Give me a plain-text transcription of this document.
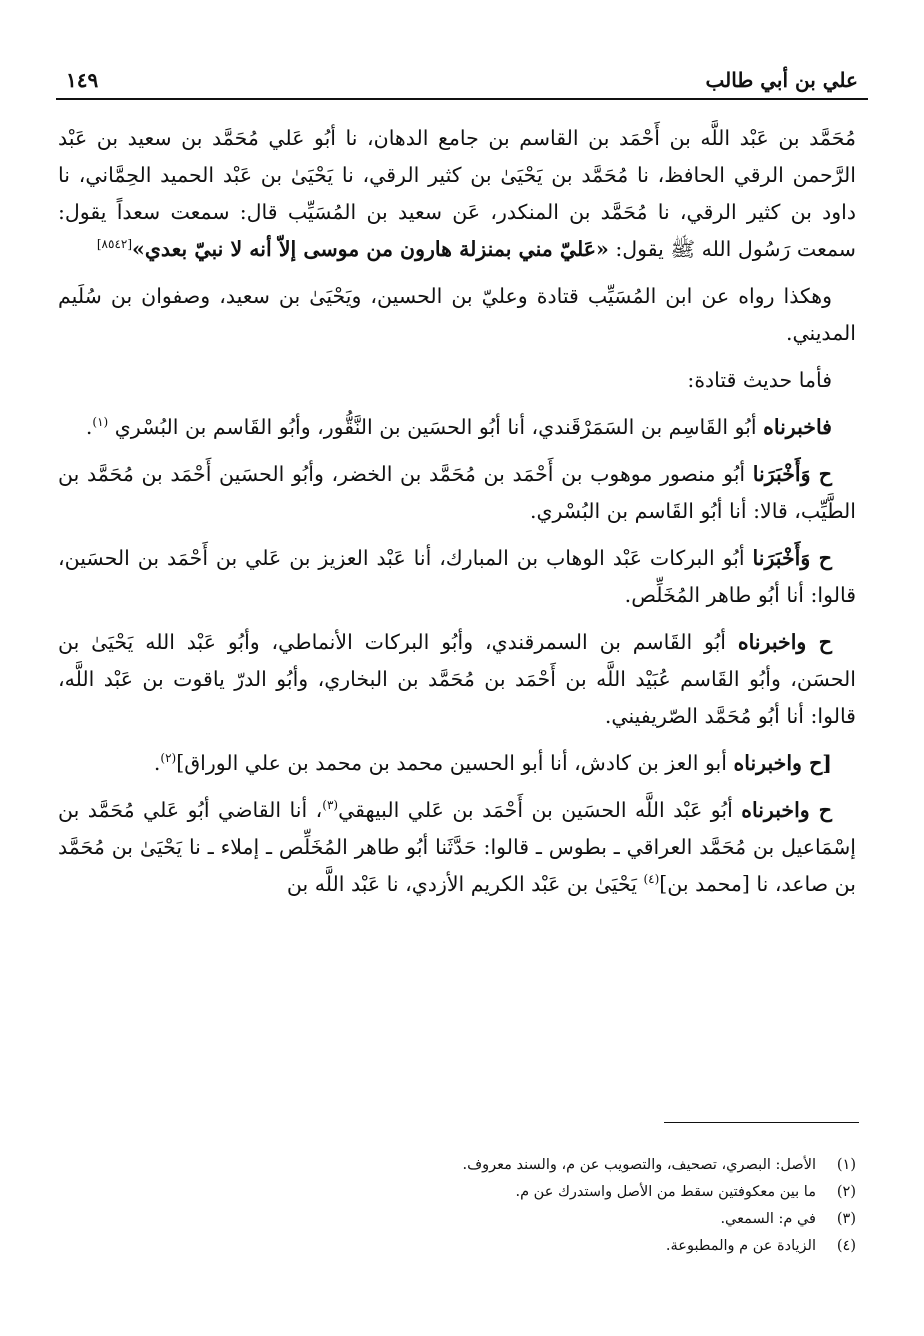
علي بن أبي طالب
١٤٩

مُحَمَّد بن عَبْد اللَّه بن أَحْمَد بن القاسم بن جامع الدهان، نا أبُو عَلي مُحَمَّد بن سعيد بن عَبْد الرَّحمن الرقي الحافظ، نا مُحَمَّد بن يَحْيَىٰ بن كثير الرقي، نا يَحْيَىٰ بن عَبْد الحميد الحِمَّاني، نا داود بن كثير الرقي، نا مُحَمَّد بن المنكدر، عَن سعيد بن المُسَيِّب قال: سمعت سعداً يقول: سمعت رَسُول الله ﷺ يقول: «عَليّ مني بمنزلة هارون من موسى إلاّ أنه لا نبيّ بعدي»[٨٥٤٢]

وهكذا رواه عن ابن المُسَيِّب قتادة وعليّ بن الحسين، ويَحْيَىٰ بن سعيد، وصفوان بن سُلَيم المديني.

فأما حديث قتادة:

فاخبرناه أبُو القَاسِم بن السَمَرْقَندي، أنا أبُو الحسَين بن النَّقُّور، وأبُو القَاسم بن البُسْري $^{(١)}$.

ح وَأَخْبَرَنا أبُو منصور موهوب بن أَحْمَد بن مُحَمَّد بن الخضر، وأبُو الحسَين أَحْمَد بن مُحَمَّد بن الطَّيِّب، قالا: أنا أبُو القَاسم بن البُسْري.

ح وَأَخْبَرَنا أبُو البركات عَبْد الوهاب بن المبارك، أنا عَبْد العزيز بن عَلي بن أَحْمَد بن الحسَين، قالوا: أنا أبُو طاهر المُخَلِّص.

ح واخبرناه أبُو القَاسم بن السمرقندي، وأبُو البركات الأنماطي، وأبُو عَبْد الله يَحْيَىٰ بن الحسَن، وأبُو القَاسم عُبَيْد اللَّه بن أَحْمَد بن مُحَمَّد بن البخاري، وأبُو الدرّ ياقوت بن عَبْد اللَّه، قالوا: أنا أبُو مُحَمَّد الصّريفيني.

[ح واخبرناه أبو العز بن كادش، أنا أبو الحسين محمد بن محمد بن علي الوراق]$^{(٢)}$.

ح واخبرناه أبُو عَبْد اللَّه الحسَين بن أَحْمَد بن عَلي البيهقي$^{(٣)}$، أنا القاضي أبُو عَلي مُحَمَّد بن إسْمَاعيل بن مُحَمَّد العراقي ـ بطوس ـ قالوا: حَدَّثَنا أبُو طاهر المُخَلِّص ـ إملاء ـ نا يَحْيَىٰ بن مُحَمَّد بن صاعد، نا [محمد بن]$^{(٤)}$ يَحْيَىٰ بن عَبْد الكريم الأزدي، نا عَبْد اللَّه بن

(١)
الأصل: البصري، تصحيف، والتصويب عن م، والسند معروف.
(٢)
ما بين معكوفتين سقط من الأصل واستدرك عن م.
(٣)
في م: السمعي.
(٤)
الزيادة عن م والمطبوعة.
